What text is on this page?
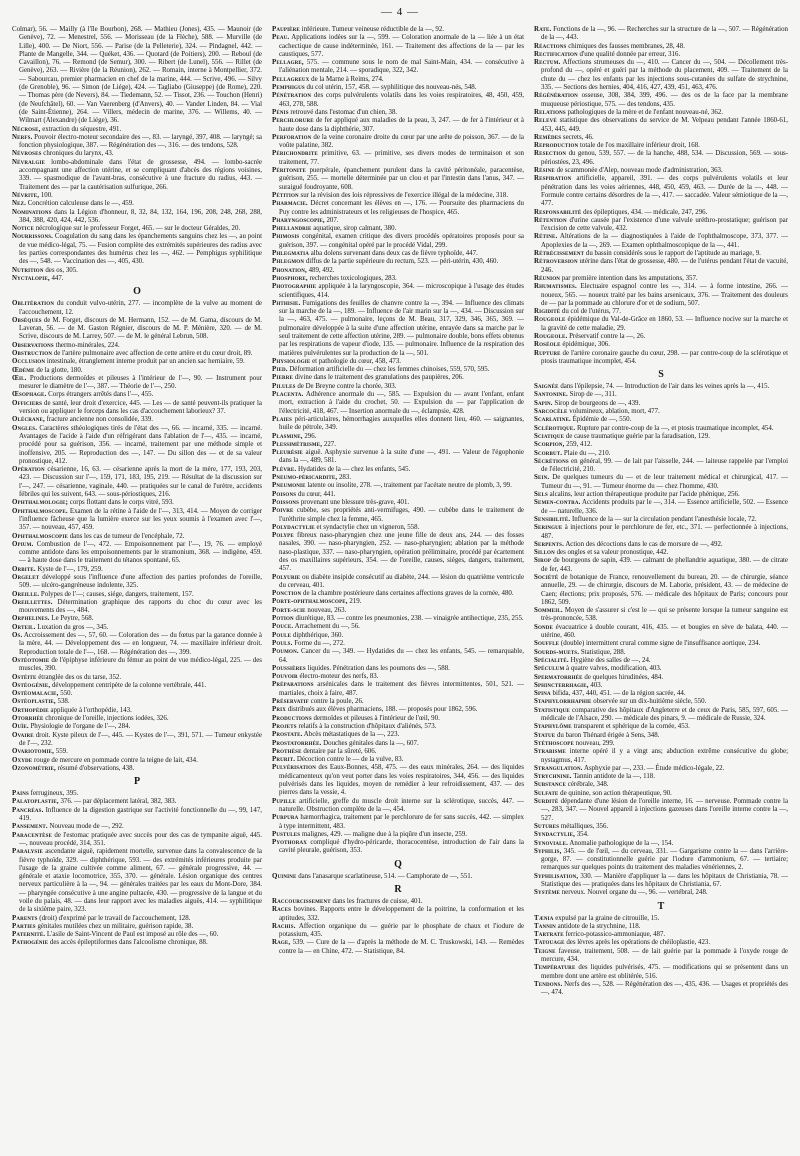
— 4 —

Colmar), 56. — Mailly (à l'île Bourbon), 268. — Mathieu (Jones), 435. — Maunoir (de Genève), 72. — Menestrel, 556. — Morisseau (de la Flèche), 588. — Murville (de Lille), 400. — De Niort, 556. — Parise (de la Pelleterie), 324. — Pindagnel, 442. — Plante de Mangelle, 344. — Quéket, 436. — Quotard (de Poitiers), 200. — Reboul (de Cavaillon), 76. — Remond (de Semur), 300. — Ribert (de Lunel), 556. — Rillet (de Genève), 263. — Rivière (de la Réunion), 262. — Romain, interne à Montpellier, 372. — Sabourcau, premier pharmacien en chef de la marine, 444. — Scrive, 496. — Silvy (de Grenoble), 96. — Simon (de Liége), 424. — Tagliabo (Giuseppe) (de Rome), 220. — Thomas père (de Nevers), 84. — Tiedemann, 52. — Tissot, 236. — Touchon (Henri) (de Neufchâtel), 60. — Van Vaerenberg (d'Anvers), 40. — Vander Linden, 84. — Vial (de Saint-Étienne), 264. — Villers, médecin de marine, 376. — Willems, 40. — Wilmart (Alexandre) (de Liége), 36.

Nécrose, extraction du séquestre, 491.

Nerfs. Pouvoir électro-moteur secondaire des —, 83. — laryngé, 397, 408. — laryngé; sa fonction physiologique, 387. — Régénération des —, 316. — des tendons, 528.

Névroses chroniques du larynx, 43.

Névralgie lombo-abdominale dans l'état de grossesse, 494. — lombo-sacrée accompagnant une affection utérine, et se compliquant d'abcès des régions voisines, 339. — spasmodique de l'avant-bras, consécutive à une fracture du radius, 443. — Traitement des — par la cautérisation sulfurique, 266.

Névrite, 100.

Nez. Concrétion calculeuse dans le —, 459.

Nominations dans la Légion d'honneur, 8, 32, 84, 132, 164, 196, 208, 248, 268, 288, 384, 388, 420, 424, 442, 536.

Notice nécrologique sur le professeur Forget, 465. — sur le docteur Géraldes, 20.

Nourrissons. Coagulation du sang dans les épanchements sanguins chez les —, au point de vue médico-légal, 75. — Fusion complète des extrémités supérieures des radius avec les parties correspondantes des humérus chez les —, 462. — Pemphigus syphilitique des —, 548. — Vaccination des —, 405, 430.

Nutrition des os, 305.

Nyctalopie, 447.

O

Oblitération du conduit vulvo-utérin, 277. — incomplète de la vulve au moment de l'accouchement, 12.

Obsèques de M. Forget, discours de M. Hermann, 152. — de M. Gama, discours de M. Laveran, 56. — de M. Gaston Régnier, discours de M. P. Ménière, 320. — de M. Scrive, discours de M. Larrey, 507. — de M. le général Lebrun, 508.

Observations thermo-minérales, 224.

Obstruction de l'artère pulmonaire avec affection de cette artère et du cœur droit, 89.

Occlusion intestinale, étranglement interne produit par un ancien sac herniaire, 59.

Œdème de la glotte, 180.

Œil. Productions dermoïdes et pileuses à l'intérieur de l'—, 90. — Instrument pour mesurer le diamètre de l'—, 387. — Théorie de l'—, 250.

Œsophage. Corps étrangers arrêtés dans l'—, 455.

Officiers de santé, leur droit d'exercice, 445. — Les — de santé peuvent-ils pratiquer la version ou appliquer le forceps dans les cas d'accouchement laborieux? 37.

Olécrane, fracture ancienne non consolidée, 339.

Ongles. Caractères sthéologiques tirés de l'état des —, 66. — incarné, 335. — incarné. Avantages de l'acide à l'aide d'un réfrigérant dans l'ablation de l'—, 435. — incarné, procédé pour sa guérison, 356. — incarné, traitement par une méthode simple et inoffensive, 205. — Reproduction des —, 147. — Du sillon des — et de sa valeur pronostique, 412.

Opération césarienne, 16, 63. — césarienne après la mort de la mère, 177, 193, 203, 423. — Discussion sur l'—, 159, 171, 183, 195, 219. — Résultat de la discussion sur l'—, 247. — césarienne, vaginale, 440. — pratiquées sur le canal de l'urètre, accidents fébriles qui les suivent, 643. — sous-périostiques, 216.

Ophthalmologie; corps flottant dans le corps vitré, 593.

Ophthalmoscope. Examen de la rétine à l'aide de l'—, 313, 414. — Moyen de corriger l'influence fâcheuse que la lumière exerce sur les yeux soumis à l'examen avec l'—, 357. — nouveau, 457, 459.

Ophthalmoscopie dans les cas de tumeur de l'encéphale, 72.

Opium. Combustion de l'—, 472. — Empoisonnement par l'—, 19, 76. — employé comme antidote dans les empoisonnements par le stramonium, 368. — indigène, 459. — à haute dose dans le traitement du tétanos spontané, 65.

Orbite. Kyste de l'—, 179, 259.

Orgelet développé sous l'influence d'une affection des parties profondes de l'oreille, 509. — ulcéro-gangréneuse indolente, 325.

Oreille. Polypes de l'—; causes, siége, dangers, traitement, 157.

Oreillettes. Détermination graphique des rapports du choc du cœur avec les mouvements des —, 484.

Orphelines. Le Peytre, 568.

Orteil. Luxation du gros —, 345.

Os. Accroissement des —, 57, 60. — Coloration des — du fœtus par la garance donnée à la mère, 44. — Développement des — en longueur, 74. — maxillaire inférieur droit. Reproduction totale de l'—, 168. — Régénération des —, 399.

Ostéotomie de l'épiphyse inférieure du fémur au point de vue médico-légal, 225. — des muscles, 390.

Ostéite étranglée des os du tarse, 352.

Ostéogénie, développement centripète de la colonne vertébrale, 441.

Ostéomalacie, 550.

Ostéoplastie, 538.

Orthopédie appliquée à l'orthopédie, 143.

Otorrhée chronique de l'oreille, injections iodées, 326.

Ouïe. Physiologie de l'organe de l'—, 284.

Ovaire droit. Kyste pileux de l'—, 445. — Kystes de l'—, 391, 571. — Tumeur enkystée de l'—, 232.

Ovariotomie, 559.

Oxyde rouge de mercure en pommade contre la teigne de lait, 434.

Ozonométrie, résumé d'observations, 438.

P

Pains ferrugineux, 395.

Palatoplastie, 376. — par déplacement latéral, 382, 383.

Pancréas. Influence de la digestion gastrique sur l'activité fonctionnelle du —, 99, 147, 419.

Pansement. Nouveau mode de —, 292.

Paracentèse de l'estomac pratiquée avec succès pour des cas de tympanite aiguë, 445. —, nouveau procédé, 314, 351.

Paralysie ascendante aiguë, rapidement mortelle, survenue dans la convalescence de la fièvre typhoïde, 329. — diphthérique, 593. — des extrémités inférieures produite par l'usage de la graine cultivée comme aliment, 67. — générale progressive, 44. — générale et ataxie locomotrice, 355, 370. — générale. Lésion organique des centres nerveux particulière à la —, 94. — générales traitées par les eaux du Mont-Dore, 384. — pharyngée consécutive à une angine pultacée, 430. — progressive de la langue et du voile du palais, 48. — dans leur rapport avec les maladies aiguës, 414. — syphilitique de la sixième paire, 323.

Parents (droit) d'exprimé par le travail de l'accouchement, 128.

Parties génitales mutilées chez un militaire, guérison rapide, 38.

Paternité. L'asile de Saint-Vincent de Paul est imposé au rôle des —, 60.

Pathogénie des accès épileptiformes dans l'alcoolisme chronique, 88.

Paupière inférieure. Tumeur veineuse réductible de la —, 92.

Peau. Applications iodées sur la —, 599. — Coloration anormale de la — liée à un état cachectique de cause indéterminée, 161. — Traitement des affections de la — par les caustiques, 577.

Pellagre, 575. — commune sous le nom de mal Saint-Main, 434. — consécutive à l'aliénation mentale, 214. — sporadique, 322, 342.

Pellagreux de la Marne à Reims, 274.

Pemphigus du col utérin, 157, 458. — syphilitique des nouveau-nés, 548.

Pénétration des corps pulvérulents volatils dans les voies respiratoires, 48, 450, 459, 463, 278, 588.

Pénis retrouvé dans l'estomac d'un chien, 38.

Perchlorure de fer appliqué aux maladies de la peau, 3, 247. — de fer à l'intérieur et à haute dose dans la diphthérie, 307.

Perforation de la veine coronaire droite du cœur par une arête de poisson, 367. — de la voûte palatine, 382.

Périchondrite primitive, 63. — primitive, ses divers modes de terminaison et son traitement, 77.

Péritonite puerpérale, épanchement purulent dans la cavité péritonéale, paracentèse, guérison, 255. — mortelle déterminée par un clou et par l'intestin dans l'anus, 347. — suraiguë foudroyante, 608.

Pétition sur la révision des lois répressives de l'exercice illégal de la médecine, 318.

Pharmacie. Décret concernant les élèves en —, 176. — Poursuite des pharmaciens du Puy contre les administrateurs et les religieuses de l'hospice, 465.

Pharyngoscopie, 207.

Phellandrie aquatique, sirop calmant, 380.

Phimosis congénital, examen critique des divers procédés opératoires proposés pour sa guérison, 397. — congénital opéré par le procédé Vidal, 299.

Phlegmatia alba dolens survenant dans deux cas de fièvre typhoïde, 447.

Phlegmon diffus de la partie supérieure du rectum, 523. — péri-utérin, 430, 460.

Phonation, 489, 492.

Phosphore, recherches toxicologiques, 283.

Photographie appliquée à la laryngoscopie, 364. — microscopique à l'usage des études scientifiques, 414.

Phthisie. Fumigations des feuilles de chanvre contre la —, 394. — Influence des climats sur la marche de la —, 189. — Influence de l'air marin sur la —, 434. — Discussion sur la —, 463, 475. — pulmonaire, leçons de M. Beau, 317, 329, 346, 365, 369. — pulmonaire développée à la suite d'une affection utérine, enrayée dans sa marche par le seul traitement de cette affection utérine, 289. — pulmonaire double, bons effets obtenus par les respirations de vapeur d'iode, 135. — pulmonaire. Influence de la respiration des matières pulvérulentes sur la production de la —, 501.

Physiologie et pathologie du cœur, 458, 473.

Pied. Déformation artificielle du — chez les femmes chinoises, 559, 570, 595.

Pierre divine dans le traitement des granulations des paupières, 206.

Pilules de De Breyne contre la chorée, 303.

Placenta. Adhérence anormale du —, 585. — Expulsion du — avant l'enfant, enfant mort, extraction à l'aide du crochet, 50. — Expulsion du — par l'application de l'électricité, 418, 467. — Insertion anormale du —, éclampsie, 428.

Plaies péri-articulaires, hémorrhagies auxquelles elles donnent lieu, 460. — saignantes, huile de pétrole, 349.

Plasmine, 296.

Plessimétrisme, 227.

Pleurésie aiguë. Asphyxie survenue à la suite d'une —, 491. — Valeur de l'égophonie dans la —, 489, 581.

Plèvre. Hydatides de la — chez les enfants, 545.

Pneumo-péricardite, 283.

Pneumonie latente ou insolite, 278. —, traitement par l'acétate neutre de plomb, 3, 99.

Poisons du cœur, 441.

Poissons provenant une blessure très-grave, 401.

Poivre cubèbe, ses propriétés anti-vermifuges, 490. — cubèbe dans le traitement de l'uréthrite simple chez la femme, 465.

Polydactylie et syndactylie chez un vigneron, 558.

Polype fibreux naso-pharyngien chez une jeune fille de deux ans, 244. — des fosses nasales, 390. — naso-pharyngien, 252. — naso-pharyngien; ablation par la méthode naso-plastique, 337. — naso-pharyngien, opération préliminaire, procédé par écartement des os maxillaires supérieurs, 354. — de l'oreille, causes, siéges, dangers, traitement, 457.

Polyurie ou diabète insipide consécutif au diabète, 244. — lésion du quatrième ventricule du cerveau, 401.

Ponction de la chambre postérieure dans certaines affections graves de la cornée, 480.

Porte-ophthalmoscope, 219.

Porte-scie nouveau, 263.

Potion diurétique, 83. — contre les pneumonies, 238. — vinaigrée antihectique, 235, 255.

Pouce. Arrachement du —, 56.

Poule diphthérique, 360.

Pouls. Forme du —, 272.

Poumon. Cancer du —, 349. — Hydatides du — chez les enfants, 545. — remarquable, 64.

Poussières liquides. Pénétration dans les poumons des —, 588.

Pouvoir électro-moteur des nerfs, 83.

Préparations arsénicales dans le traitement des fièvres intermittentes, 501, 521. — martiales, choix à faire, 487.

Préservatif contre la poule, 26.

Prix distribués aux élèves pharmaciens, 188. — proposés pour 1862, 596.

Productions dermoïdes et pileuses à l'intérieur de l'œil, 90.

Projets relatifs à la construction d'hôpitaux d'aliénés, 573.

Prostate. Abcès métastatiques de la —, 223.

Prostatorrhée. Douches génitales dans la —, 607.

Prothèse dentaire par la sûreté, 606.

Prurit. Décoction contre le — de la vulve, 83.

Pulvérisation des Eaux-Bonnes, 458, 475. — des eaux minérales, 264. — des liquides médicamenteux qu'on veut porter dans les voies respiratoires, 344, 456. — des liquides pulvérisés dans les liquides, moyen de remédier à leur refroidissement, 437. — des pierres dans la vessie, 4.

Pupille artificielle, greffe du muscle droit interne sur la sclérotique, succès, 447. — naturelle. Obstruction complète de la —, 454.

Purpura hæmorrhagica, traitement par le perchlorure de fer sans succès, 442. — simplex à type intermittent, 483.

Pustules malignes, 429. — maligne due à la piqûre d'un insecte, 259.

Pyothorax compliqué d'hydro-péricarde, thoracocentèse, introduction de l'air dans la cavité pleurale, guérison, 353.

Q

Quinine dans l'anasarque scarlatineuse, 514. — Camphorate de —, 551.

R

Raccourcissement dans les fractures de cuisse, 401.

Races bovines. Rapports entre le développement de la poitrine, la conformation et les aptitudes, 332.

Rachis. Affection organique du — guérie par le phosphate de chaux et l'iodure de potassium, 435.

Rage, 539. — Cure de la — d'après la méthode de M. C. Truskowski, 143. — Remèdes contre la — en Chine, 472. — Statistique, 84.

Rate. Fonctions de la —, 96. — Recherches sur la structure de la —, 507. — Régénération de la —, 443.

Réactions chimiques des fausses membranes, 28, 48.

Rectification d'une qualité donnée par erreur, 316.

Rectum. Affections strumeuses du —, 410. — Cancer du —, 504. — Décollement très-profond du —, opéré et guéri par la méthode du placement, 409. — Traitement de la chute du — chez les enfants par les injections sous-cutanées du sulfate de strychnine, 335. — Sections des hernies, 404, 416, 427, 439, 451, 463, 476.

Régénération osseuse, 308, 384, 399, 496. — des os de la face par la membrane muqueuse périostique, 575. — des tendons, 435.

Relations pathologiques de la mère et de l'enfant nouveau-né, 362.

Relevé statistique des observations du service de M. Velpeau pendant l'année 1860-61, 453, 445, 449.

Remèdes secrets, 46.

Reproduction totale de l'os maxillaire inférieur droit, 168.

Resection du genou, 539, 557. — de la hanche, 488, 534. — Discussion, 569. — sous-périostées, 23, 496.

Résine de scammonée d'Alep, nouveau mode d'administration, 363.

Respiration artificielle, appareil, 391. — des corps pulvérulents volatils et leur pénétration dans les voies aériennes, 448, 450, 459, 463. — Durée de la —, 448. — Formule contre certains désordres de la —, 417. — saccadée. Valeur sémiotique de la —, 477.

Responsabilité des épileptiques, 434. — médicale, 247, 296.

Rétention d'urine causée par l'existence d'une valvule uréthro-prostatique; guérison par l'excision de cette valvule, 432.

Rétine. Altérations de la — diagnostiquées à l'aide de l'ophthalmoscope, 373, 377. — Apoplexies de la —, 269. — Examen ophthalmoscopique de la —, 441.

Rétrécissement du bassin considérés sous le rapport de l'aptitude au mariage, 9.

Rétroversion utérine dans l'état de grossesse, 480. — de l'utérus pendant l'état de vacuité, 246.

Réunion par première intention dans les amputations, 357.

Rhumatismes. Electuaire espagnol contre les —, 314. — à forme intestine, 266. — noueux, 565. — noueux traité par les bains arsenicaux, 376. — Traitement des douleurs de — par la pommade au chlorure d'or et de sodium, 507.

Rigidité du col de l'utérus, 77.

Rougeole épidémique du Val-de-Grâce en 1860, 53. — Influence nocive sur la marche et la gravité de cette maladie, 29.

Rougeole. Préservatif contre la —, 26.

Roséole épidémique, 306.

Rupture de l'artère coronaire gauche du cœur, 298. — par contre-coup de la sclérotique et ptosis traumatique incomplet, 454.

S

Saignée dans l'épilepsie, 74. — Introduction de l'air dans les veines après la —, 415.

Santonine. Sirop de —, 311.

Sapin. Sirop de bourgeons de —, 439.

Sarcocèle volumineux, ablation, mort, 477.

Scarlatine. Épidémie de —, 550.

Sclérotique. Rupture par contre-coup de la —, et ptosis traumatique incomplet, 454.

Sciatique de cause traumatique guérie par la faradisation, 129.

Scorpion, 259, 412.

Scorbut. Plaie du —, 210.

Sécrétions en général, 99. — de lait par l'aisselle, 244. — laiteuse rappelée par l'emploi de l'électricité, 210.

Sein. De quelques tumeurs du — et de leur traitement médical et chirurgical, 417. — Tumeur du —, 91. — Tumeur énorme du — chez l'homme, 430.

Sels alcalins, leur action thérapeutique produite par l'acide phénique, 256.

Semen-contra. Accidents produits par le —, 314. — Essence artificielle, 502. — Essence de — naturelle, 336.

Sensibilité. Influence de la — sur la circulation pendant l'anesthésie locale, 72.

Seringue à injections pour le perchlorure de fer, etc., 371. — perfectionnée à injections, 487.

Serpents. Action des décoctions dans le cas de morsure de —, 492.

Sillon des ongles et sa valeur pronostique, 442.

Sirop de bourgeons de sapin, 439. — calmant de phellandrie aquatique, 380. — de citrate de fer, 443.

Société de botanique de France, renouvellement du bureau, 20. — de chirurgie, séance annuelle, 29. — de chirurgie, discours de M. Laborie, président, 43. — de médecine de Caen; élections; prix proposés, 576. — médicale des hôpitaux de Paris; concours pour 1862, 509.

Sommeil. Moyen de s'assurer si c'est le — qui se présente lorsque la tumeur sanguine est très-prononcée, 538.

Sonde évacuatrice à double courant, 416, 435. — et bougies en sève de balata, 440. — utérine, 460.

Souffle (double) intermittent crural comme signe de l'insuffisance aortique, 234.

Sourds-muets. Statistique, 288.

Spécialité. Hygiène des salles de —, 24.

Spéculum à quatre valves, modification, 403.

Spermatorrhée de quelques hirudinées, 484.

Sphincterrhagie, 403.

Spina bifida, 437, 440, 451. — de la région sacrée, 44.

Staphylorrhaphie observée sur un dix-huitième siècle, 550.

Statistique comparative des hôpitaux d'Angleterre et de ceux de Paris, 585, 597, 605. — médicale de l'Alsace, 290. — médicale des pinars, 9. — médicale de Russie, 324.

Staphylôme transparent et sphérique de la cornée, 453.

Statue du baron Thénard érigée à Sens, 348.

Stéthoscope nouveau, 299.

Strabisme interne opéré il y a vingt ans; abduction extrême consécutive du globe; nystagmus, 417.

Strangulation. Asphyxie par —, 233. — Étude médico-légale, 22.

Strychnine. Tannin antidote de la —, 118.

Substance cérébrale, 348.

Sulfate de quinine, son action thérapeutique, 90.

Surdité dépendante d'une lésion de l'oreille interne, 16. — nerveuse. Pommade contre la —, 283, 347. — Nouvel appareil à injections gazeuses dans l'oreille interne contre la —, 527.

Sutures métalliques, 356.

Syndactylie, 354.

Synoviale. Anomalie pathologique de la —, 154.

Syphilis, 345. — de l'œil, — du cerveau, 331. — Gargarisme contre la — dans l'arrière-gorge, 87. — constitutionnelle guérie par l'iodure d'ammonium, 67. — tertiaire; remarques sur quelques points du traitement des maladies vénériennes, 2.

Syphilisation, 330. — Manière d'appliquer la — dans les hôpitaux de Christiania, 78. — Statistique des — pratiquées dans les hôpitaux de Christiania, 67.

Système nerveux. Nouvel organe du —, 96. — vertébral, 248.

T

Tænia expulsé par la graine de citrouille, 15.

Tannin antidote de la strychnine, 118.

Tartrate ferrico-potassico-ammoniaque, 487.

Tatouage des lèvres après les opérations de chéiloplastie, 423.

Teigne faveuse, traitement, 508. — de lait guérie par la pommade à l'oxyde rouge de mercure, 434.

Température des liquides pulvérisés, 475. — modifications qui se présentent dans un membre dont une artère est oblitérée, 516.

Tendons. Nerfs des —, 528. — Régénération des —, 435, 436. — Usages et propriétés des —, 474.
